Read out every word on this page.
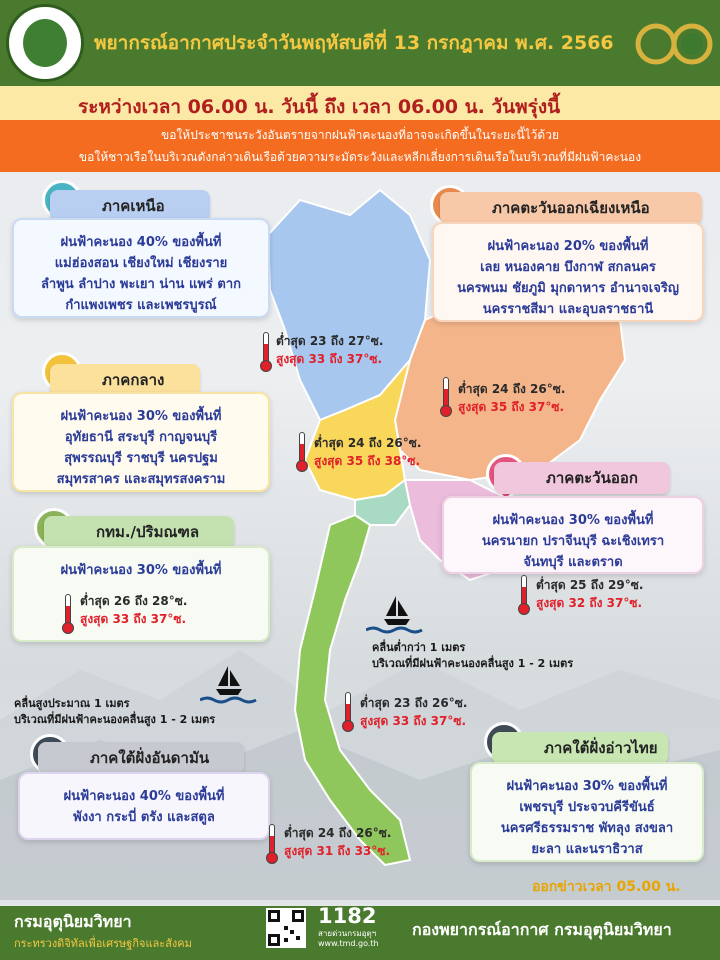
พยากรณ์อากาศประจำวันพฤหัสบดีที่ 13 กรกฎาคม พ.ศ. 2566
ระหว่างเวลา 06.00 น. วันนี้ ถึง เวลา 06.00 น. วันพรุ่งนี้
ขอให้ประชาชนระวังอันตรายจากฝนฟ้าคะนองที่อาจจะเกิดขึ้นในระยะนี้ไว้ด้วย
ขอให้ชาวเรือในบริเวณดังกล่าวเดินเรือด้วยความระมัดระวังและหลีกเลี่ยงการเดินเรือในบริเวณที่มีฝนฟ้าคะนอง
ภาคเหนือ
ฝนฟ้าคะนอง 40% ของพื้นที่
แม่ฮ่องสอน เชียงใหม่ เชียงราย
ลำพูน ลำปาง พะเยา น่าน แพร่ ตาก
กำแพงเพชร และเพชรบูรณ์
ต่ำสุด 23 ถึง 27°ซ.
สูงสุด 33 ถึง 37°ซ.
ภาคตะวันออกเฉียงเหนือ
ฝนฟ้าคะนอง 20% ของพื้นที่
เลย หนองคาย บึงกาฬ สกลนคร
นครพนม ชัยภูมิ มุกดาหาร อำนาจเจริญ
นครราชสีมา และอุบลราชธานี
ต่ำสุด 24 ถึง 26°ซ.
สูงสุด 35 ถึง 37°ซ.
ภาคกลาง
ฝนฟ้าคะนอง 30% ของพื้นที่
อุทัยธานี สระบุรี กาญจนบุรี
สุพรรณบุรี ราชบุรี นครปฐม
สมุทรสาคร และสมุทรสงคราม
ต่ำสุด 24 ถึง 26°ซ.
สูงสุด 35 ถึง 38°ซ.
ภาคตะวันออก
ฝนฟ้าคะนอง 30% ของพื้นที่
นครนายก ปราจีนบุรี ฉะเชิงเทรา
จันทบุรี และตราด
ต่ำสุด 25 ถึง 29°ซ.
สูงสุด 32 ถึง 37°ซ.
กทม./ปริมณฑล
ฝนฟ้าคะนอง 30% ของพื้นที่
ต่ำสุด 26 ถึง 28°ซ.
สูงสุด 33 ถึง 37°ซ.
คลื่นต่ำกว่า 1 เมตร
บริเวณที่มีฝนฟ้าคะนองคลื่นสูง 1 - 2 เมตร
คลื่นสูงประมาณ 1 เมตร
บริเวณที่มีฝนฟ้าคะนองคลื่นสูง 1 - 2 เมตร
ต่ำสุด 23 ถึง 26°ซ.
สูงสุด 33 ถึง 37°ซ.
ภาคใต้ฝั่งอันดามัน
ฝนฟ้าคะนอง 40% ของพื้นที่
พังงา กระบี่ ตรัง และสตูล
ต่ำสุด 24 ถึง 26°ซ.
สูงสุด 31 ถึง 33°ซ.
ภาคใต้ฝั่งอ่าวไทย
ฝนฟ้าคะนอง 30% ของพื้นที่
เพชรบุรี ประจวบคีรีขันธ์
นครศรีธรรมราช พัทลุง สงขลา
ยะลา และนราธิวาส
ออกข่าวเวลา 05.00 น.
กรมอุตุนิยมวิทยา
กระทรวงดิจิทัลเพื่อเศรษฐกิจและสังคม
1182
สายด่วนกรมอุตุฯ
www.tmd.go.th
กองพยากรณ์อากาศ กรมอุตุนิยมวิทยา
